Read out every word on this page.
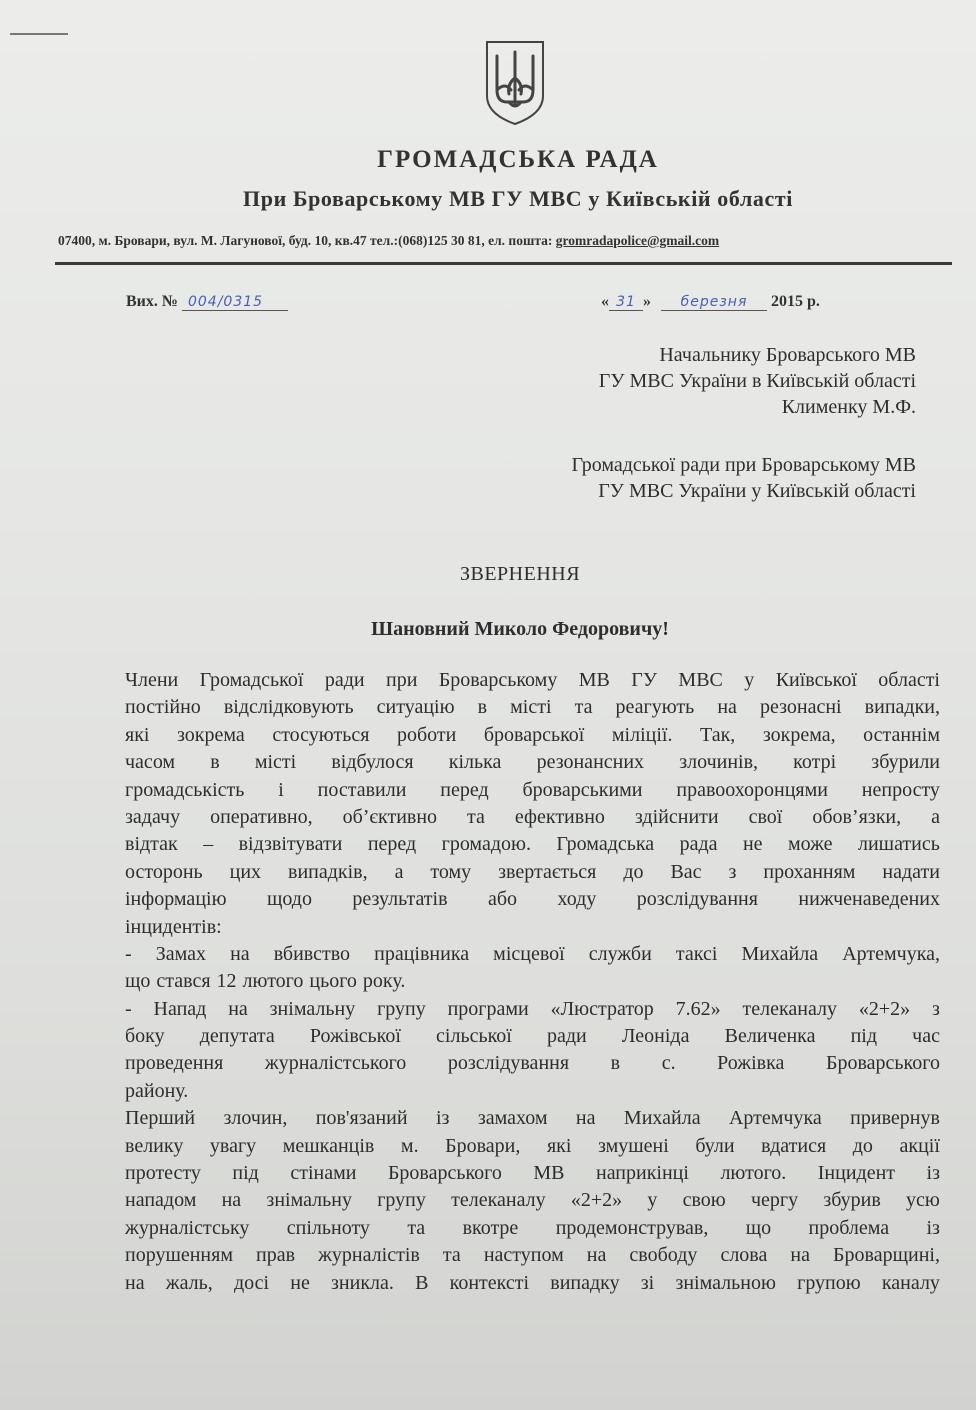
ГРОМАДСЬКА РАДА
При Броварському МВ ГУ МВС у Київській області
07400, м. Бровари, вул. М. Лагунової, буд. 10, кв.47 тел.:(068)125 30 81, ел. пошта: gromradapolice@gmail.com
Вих. № 004/0315	« 31 » березня 2015 р.
Начальнику Броварського МВ
ГУ МВС України в Київській області
Клименку М.Ф.
Громадської ради при Броварському МВ
ГУ МВС України у Київській області
ЗВЕРНЕННЯ
Шановний Миколо Федоровичу!
Члени Громадської ради при Броварському МВ ГУ МВС у Київської області
постійно відслідковують ситуацію в місті та реагують на резонасні випадки,
які зокрема стосуються роботи броварської міліції. Так, зокрема, останнім
часом в місті відбулося кілька резонансних злочинів, котрі збурили
громадськість і поставили перед броварськими правоохоронцями непросту
задачу оперативно, об’єктивно та ефективно здійснити свої обов’язки, а
відтак – відзвітувати перед громадою. Громадська рада не може лишатись
осторонь цих випадків, а тому звертається до Вас з проханням надати
інформацію щодо результатів або ходу розслідування нижченаведених
інцидентів:
- Замах на вбивство працівника місцевої служби таксі Михайла Артемчука,
що стався 12 лютого цього року.
- Напад на знімальну групу програми «Люстратор 7.62» телеканалу «2+2» з
боку депутата Рожівської сільської ради Леоніда Величенка під час
проведення журналістського розслідування в с. Рожівка Броварського
району.
Перший злочин, пов'язаний із замахом на Михайла Артемчука привернув
велику увагу мешканців м. Бровари, які змушені були вдатися до акції
протесту під стінами Броварського МВ наприкінці лютого. Інцидент із
нападом на знімальну групу телеканалу «2+2» у свою чергу збурив усю
журналістську спільноту та вкотре продемонстрував, що проблема із
порушенням прав журналістів та наступом на свободу слова на Броварщині,
на жаль, досі не зникла. В контексті випадку зі знімальною групою каналу
